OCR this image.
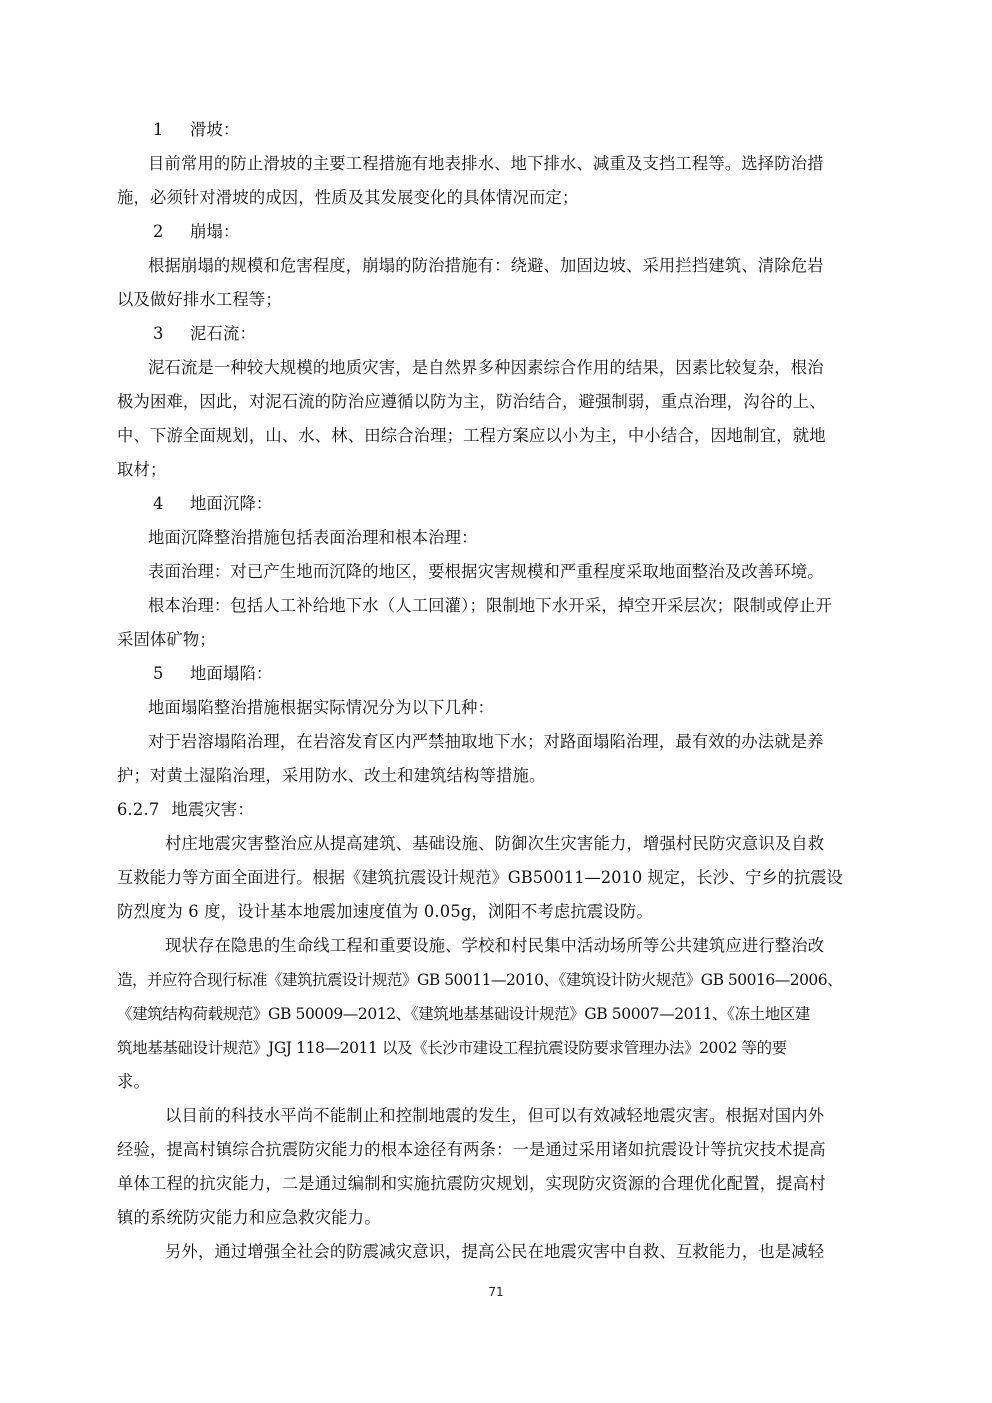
1 滑坡：
目前常用的防止滑坡的主要工程措施有地表排水、地下排水、减重及支挡工程等。选择防治措
施，必须针对滑坡的成因，性质及其发展变化的具体情况而定；
2 崩塌：
根据崩塌的规模和危害程度，崩塌的防治措施有：绕避、加固边坡、采用拦挡建筑、清除危岩
以及做好排水工程等；
3 泥石流：
泥石流是一种较大规模的地质灾害，是自然界多种因素综合作用的结果，因素比较复杂，根治
极为困难，因此，对泥石流的防治应遵循以防为主，防治结合，避强制弱，重点治理，沟谷的上、
中、下游全面规划，山、水、林、田综合治理；工程方案应以小为主，中小结合，因地制宜，就地
取材；
4 地面沉降：
地面沉降整治措施包括表面治理和根本治理：
表面治理：对已产生地而沉降的地区，要根据灾害规模和严重程度采取地面整治及改善环境。
根本治理：包括人工补给地下水（人工回灌）；限制地下水开采，掉空开采层次；限制或停止开
采固体矿物；
5 地面塌陷：
地面塌陷整治措施根据实际情况分为以下几种：
对于岩溶塌陷治理，在岩溶发育区内严禁抽取地下水；对路面塌陷治理，最有效的办法就是养
护；对黄土湿陷治理，采用防水、改土和建筑结构等措施。
6.2.7 地震灾害：
村庄地震灾害整治应从提高建筑、基础设施、防御次生灾害能力，增强村民防灾意识及自救
互救能力等方面全面进行。根据《建筑抗震设计规范》GB50011—2010 规定，长沙、宁乡的抗震设
防烈度为 6 度，设计基本地震加速度值为 0.05g，浏阳不考虑抗震设防。
现状存在隐患的生命线工程和重要设施、学校和村民集中活动场所等公共建筑应进行整治改
造，并应符合现行标准《建筑抗震设计规范》GB 50011—2010、《建筑设计防火规范》GB 50016—2006、
《建筑结构荷载规范》GB 50009—2012、《建筑地基基础设计规范》GB 50007—2011、《冻土地区建
筑地基基础设计规范》JGJ 118—2011 以及《长沙市建设工程抗震设防要求管理办法》2002 等的要
求。
以目前的科技水平尚不能制止和控制地震的发生，但可以有效减轻地震灾害。根据对国内外
经验，提高村镇综合抗震防灾能力的根本途径有两条：一是通过采用诸如抗震设计等抗灾技术提高
单体工程的抗灾能力，二是通过编制和实施抗震防灾规划，实现防灾资源的合理优化配置，提高村
镇的系统防灾能力和应急救灾能力。
另外，通过增强全社会的防震减灾意识，提高公民在地震灾害中自救、互救能力，也是减轻
71
